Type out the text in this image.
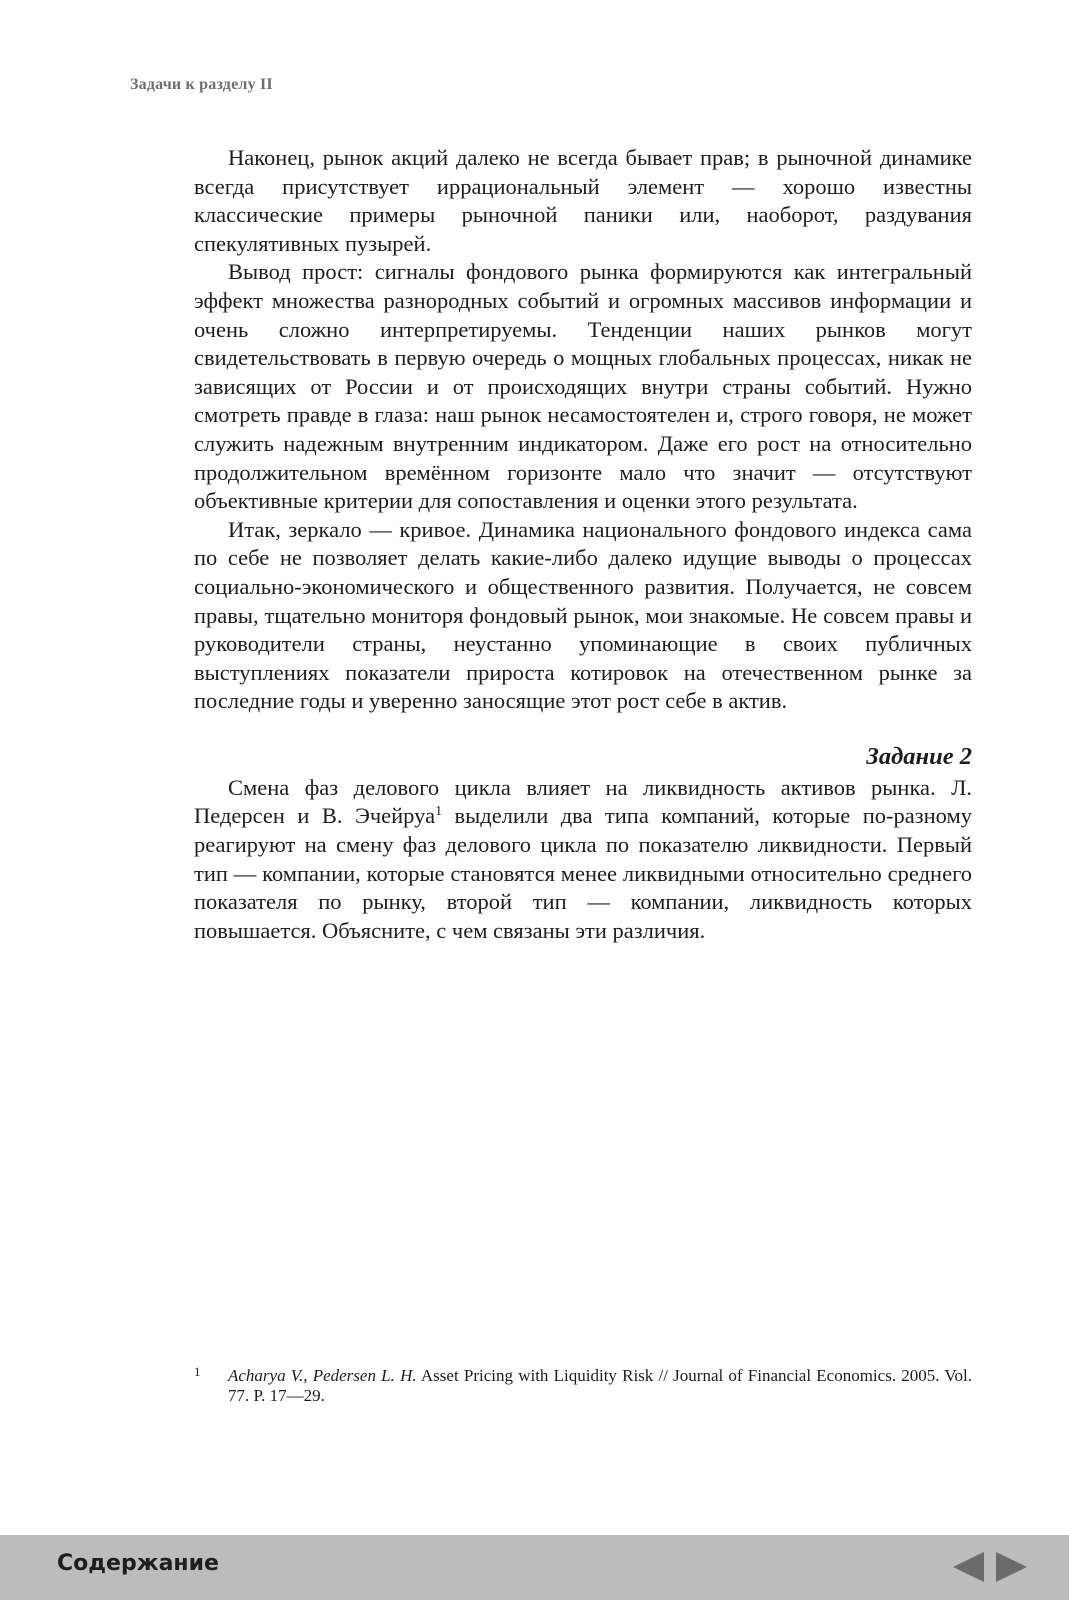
Задачи к разделу II

Наконец, рынок акций далеко не всегда бывает прав; в рыночной динамике всегда присутствует иррациональный элемент — хорошо известны классические примеры рыночной паники или, наоборот, раздувания спекулятивных пузырей.

Вывод прост: сигналы фондового рынка формируются как интегральный эффект множества разнородных событий и огромных массивов информации и очень сложно интерпретируемы. Тенденции наших рынков могут свидетельствовать в первую очередь о мощных глобальных процессах, никак не зависящих от России и от происходящих внутри страны событий. Нужно смотреть правде в глаза: наш рынок несамостоятелен и, строго говоря, не может служить надежным внутренним индикатором. Даже его рост на относительно продолжительном времённом горизонте мало что значит — отсутствуют объективные критерии для сопоставления и оценки этого результата.

Итак, зеркало — кривое. Динамика национального фондового индекса сама по себе не позволяет делать какие-либо далеко идущие выводы о процессах социально-экономического и общественного развития. Получается, не совсем правы, тщательно мониторя фондовый рынок, мои знакомые. Не совсем правы и руководители страны, неустанно упоминающие в своих публичных выступлениях показатели прироста котировок на отечественном рынке за последние годы и уверенно заносящие этот рост себе в актив.

Задание 2

Смена фаз делового цикла влияет на ликвидность активов рынка. Л. Педерсен и В. Эчейруа$^1$ выделили два типа компаний, которые по-разному реагируют на смену фаз делового цикла по показателю ликвидности. Первый тип — компании, которые становятся менее ликвидными относительно среднего показателя по рынку, второй тип — компании, ликвидность которых повышается. Объясните, с чем связаны эти различия.

1	Acharya V., Pedersen L. H. Asset Pricing with Liquidity Risk // Journal of Financial Economics. 2005. Vol. 77. P. 17—29.
Содержание
